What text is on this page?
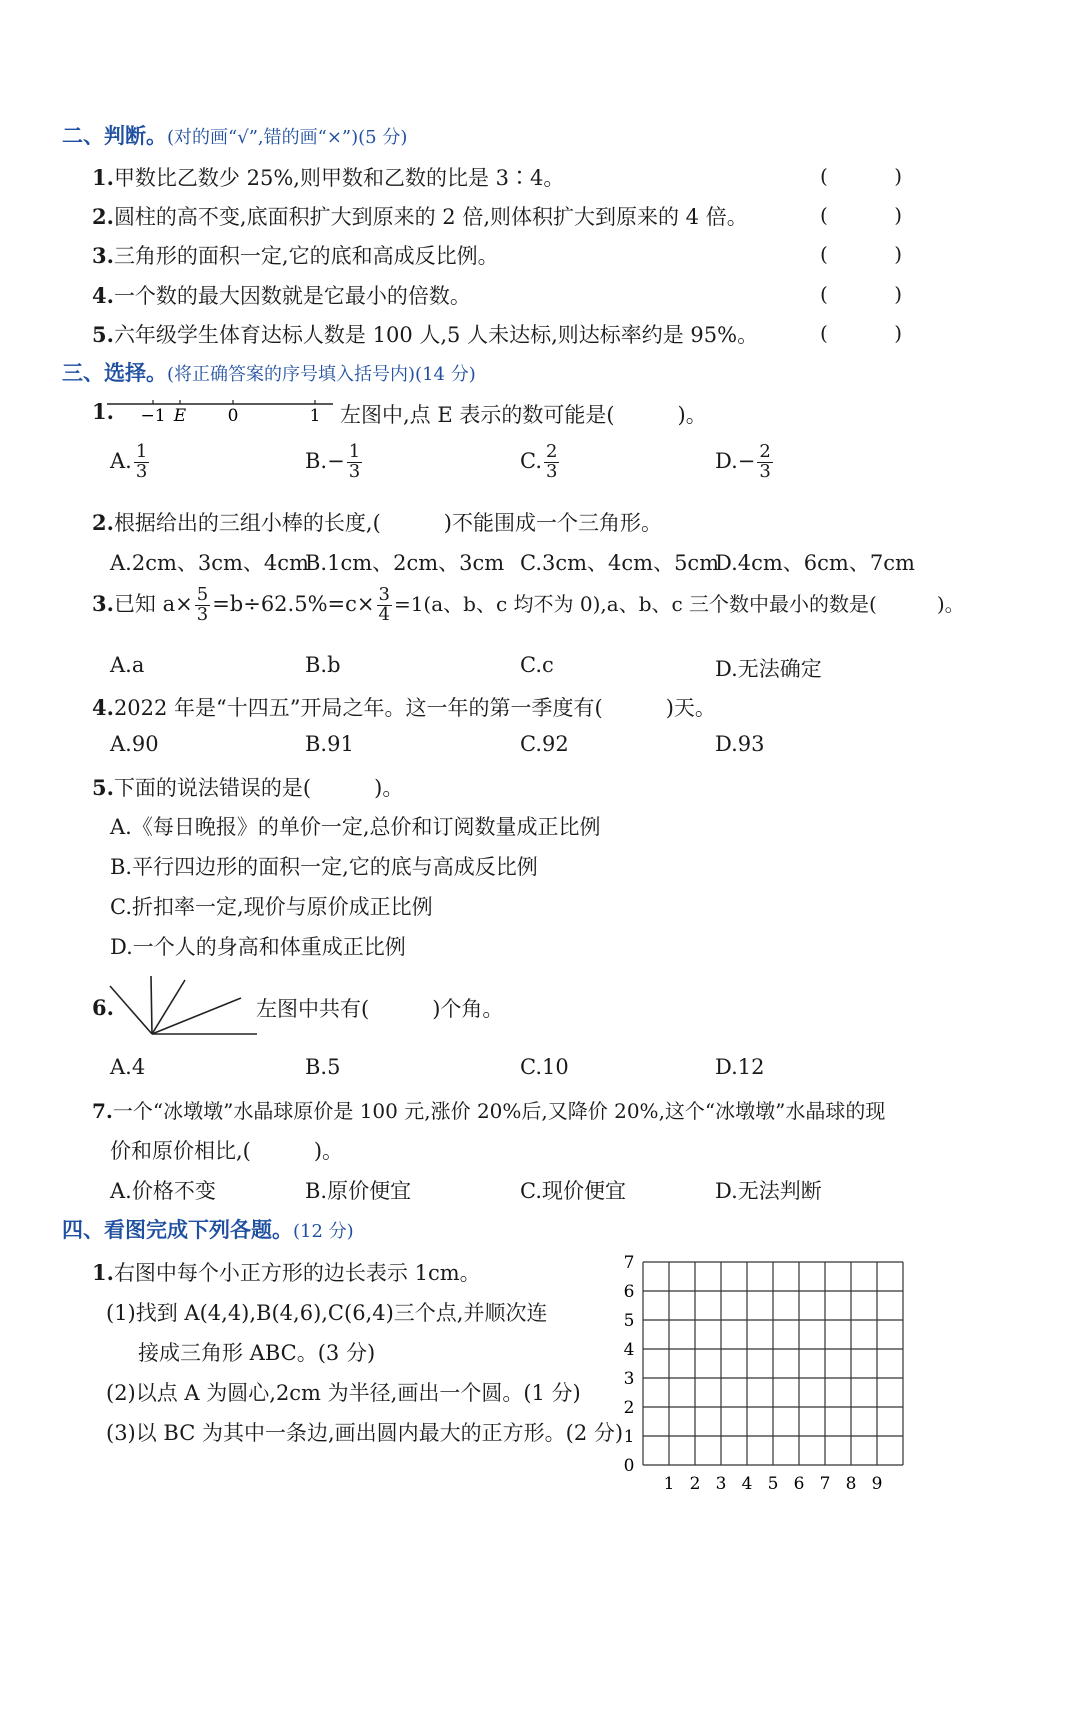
二、判断。(对的画“√”,错的画“×”)(5 分)
1.甲数比乙数少 25%,则甲数和乙数的比是 3∶4。
2.圆柱的高不变,底面积扩大到原来的 2 倍,则体积扩大到原来的 4 倍。
3.三角形的面积一定,它的底和高成反比例。
4.一个数的最大因数就是它最小的倍数。
5.六年级学生体育达标人数是 100 人,5 人未达标,则达标率约是 95%。
(	)
(	)
(	)
(	)
(	)
三、选择。(将正确答案的序号填入括号内)(14 分)
1. −1 E 0	1 左图中,点 E 表示的数可能是(　　　)。
A. $\frac{1}{3}$	$B.- \frac{1}{3}$	C. $\frac{2}{3}$	$D.- \frac{2}{3}$
2.根据给出的三组小棒的长度,(　　　)不能围成一个三角形。
A.2cm、3cm、4cm
B.1cm、2cm、3cm C.3cm、4cm、5cm
D.4cm、6cm、7cm
3.已知 $a\times \frac{5}{3} =b\div 62.5\%=c\times \frac{3}{4} =1(a$、b、c 均不为 0),a、b、c 三个数中最小的数是(　　　)。
A.a	B.b	C.c	D.无法确定
4.2022 年是“十四五”开局之年。这一年的第一季度有(　　　)天。
A.90	B.91	C.92	D.93
5.下面的说法错误的是(　　　)。
A.《每日晚报》的单价一定,总价和订阅数量成正比例
B.平行四边形的面积一定,它的底与高成反比例
C.折扣率一定,现价与原价成正比例
D.一个人的身高和体重成正比例
6.	左图中共有(　　　)个角。
A.4	B.5	C.10	D.12
7.一个“冰墩墩”水晶球原价是 100 元,涨价 20%后,又降价 20%,这个“冰墩墩”水晶球的现
价和原价相比,(　　　)。
A.价格不变	B.原价便宜	C.现价便宜	D.无法判断
四、看图完成下列各题。(12 分)
1.右图中每个小正方形的边长表示 1cm。
(1)找到 A(4,4),B(4,6),C(6,4)三个点,并顺次连
接成三角形 ABC。(3 分)
(2)以点 A 为圆心,2cm 为半径,画出一个圆。(1 分)
(3)以 BC 为其中一条边,画出圆内最大的正方形。(2 分)
0
1
2
3
4
5
6
7
1 2 3 4 5 6 7 8 9
